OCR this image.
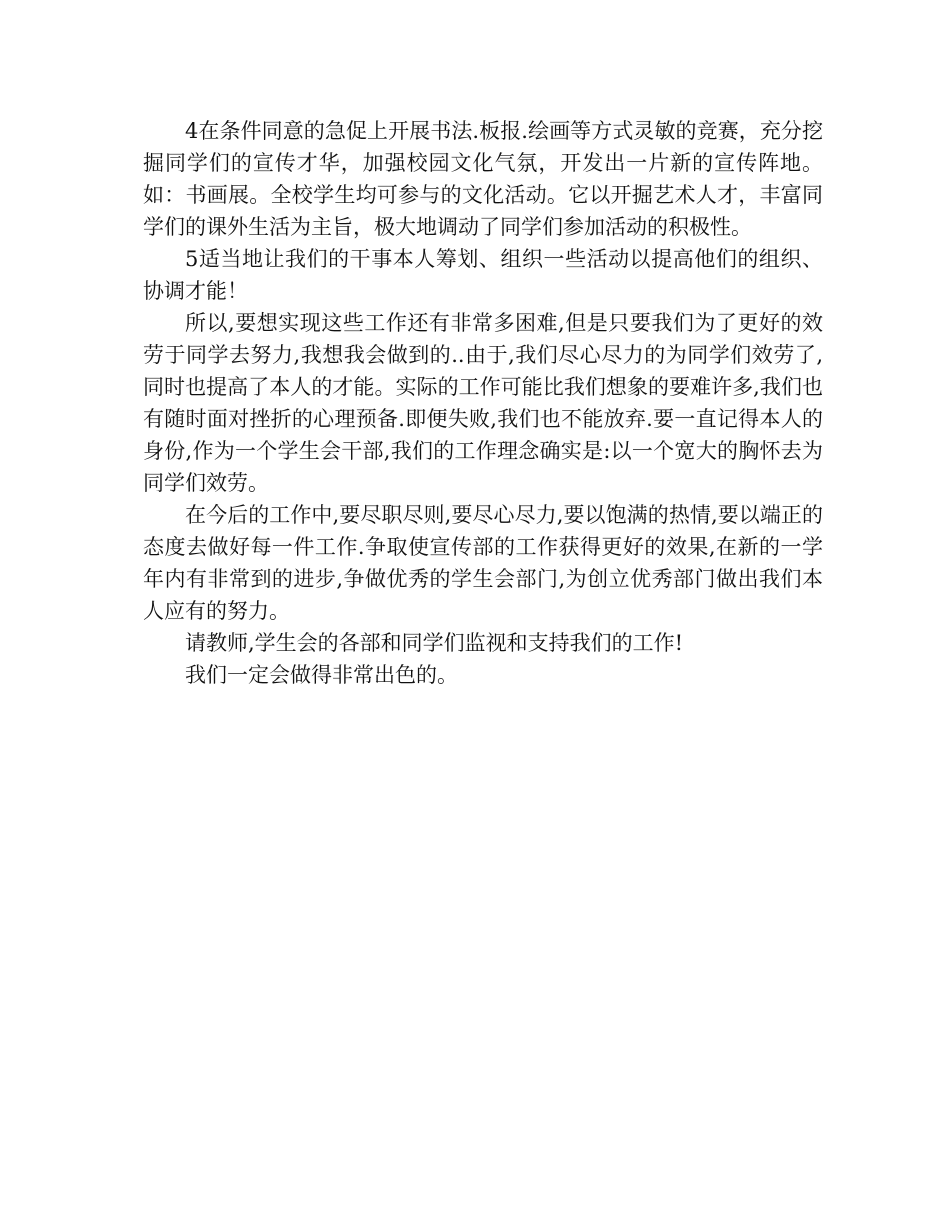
4在条件同意的急促上开展书法.板报.绘画等方式灵敏的竞赛，充分挖掘同学们的宣传才华，加强校园文化气氛，开发出一片新的宣传阵地。如：书画展。全校学生均可参与的文化活动。它以开掘艺术人才，丰富同学们的课外生活为主旨，极大地调动了同学们参加活动的积极性。

5适当地让我们的干事本人筹划、组织一些活动以提高他们的组织、协调才能！

所以,要想实现这些工作还有非常多困难,但是只要我们为了更好的效劳于同学去努力,我想我会做到的..由于,我们尽心尽力的为同学们效劳了,同时也提高了本人的才能。实际的工作可能比我们想象的要难许多,我们也有随时面对挫折的心理预备.即便失败,我们也不能放弃.要一直记得本人的身份,作为一个学生会干部,我们的工作理念确实是:以一个宽大的胸怀去为同学们效劳。

在今后的工作中,要尽职尽则,要尽心尽力,要以饱满的热情,要以端正的态度去做好每一件工作.争取使宣传部的工作获得更好的效果,在新的一学年内有非常到的进步,争做优秀的学生会部门,为创立优秀部门做出我们本人应有的努力。

请教师,学生会的各部和同学们监视和支持我们的工作!

我们一定会做得非常出色的。
